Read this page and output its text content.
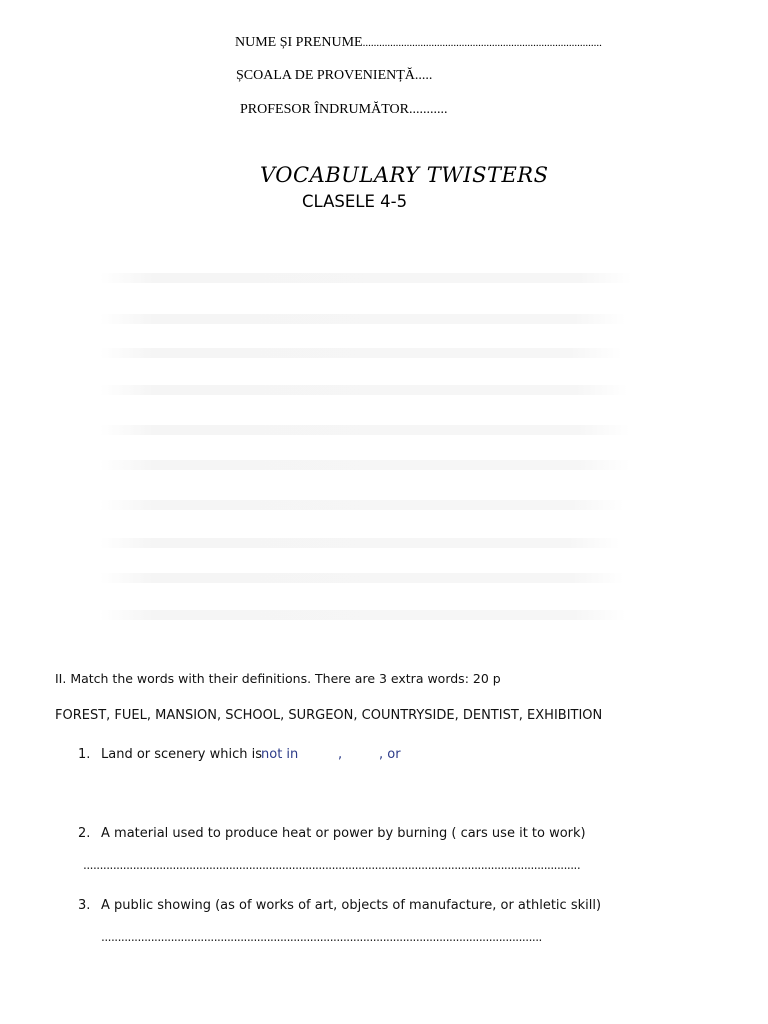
NUME ȘI PRENUME.......................................................................................
ȘCOALA DE PROVENIENȚĂ.....
PROFESOR ÎNDRUMĂTOR...........
VOCABULARY TWISTERS
CLASELE 4-5
II. Match the words with their definitions. There are 3 extra words: 20 p
FOREST, FUEL, MANSION, SCHOOL, SURGEON, COUNTRYSIDE, DENTIST, EXHIBITION
1. Land or scenery which is not in	,	, or
2. A material used to produce heat or power by burning ( cars use it to work)
......................................................................................................................................................
3. A public showing (as of works of art, objects of manufacture, or athletic skill)
.....................................................................................................................................
